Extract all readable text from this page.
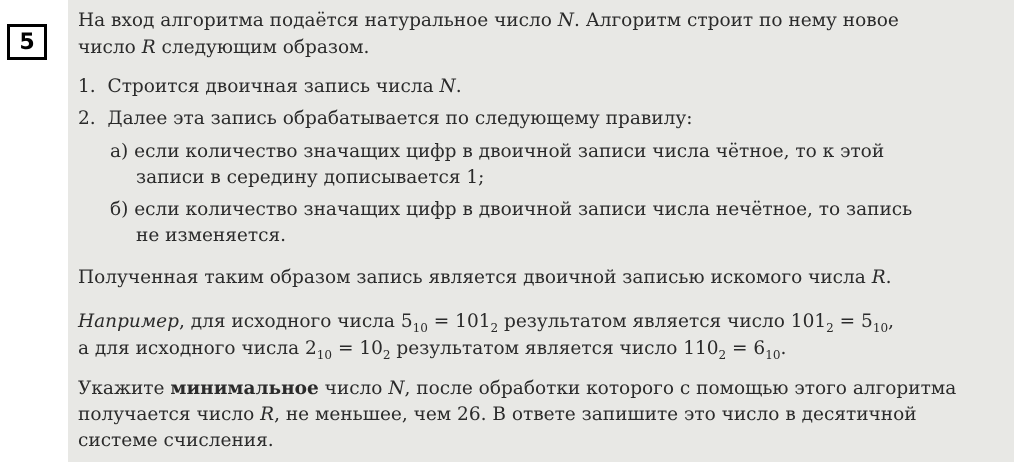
5
На вход алгоритма подаётся натуральное число N. Алгоритм строит по нему новое
число R следующим образом.
1. Строится двоичная запись числа N.
2. Далее эта запись обрабатывается по следующему правилу:
а) если количество значащих цифр в двоичной записи числа чётное, то к этой
записи в середину дописывается 1;
б) если количество значащих цифр в двоичной записи числа нечётное, то запись
не изменяется.
Полученная таким образом запись является двоичной записью искомого числа R.
Например, для исходного числа $5_{10} = 101_2$ результатом является число $101_2 = 5_{10}$,
а для исходного числа $2_{10} = 10_2$ результатом является число $110_2 = 6_{10}$.
Укажите минимальное число N, после обработки которого с помощью этого алгоритма
получается число R, не меньшее, чем 26. В ответе запишите это число в десятичной
системе счисления.
